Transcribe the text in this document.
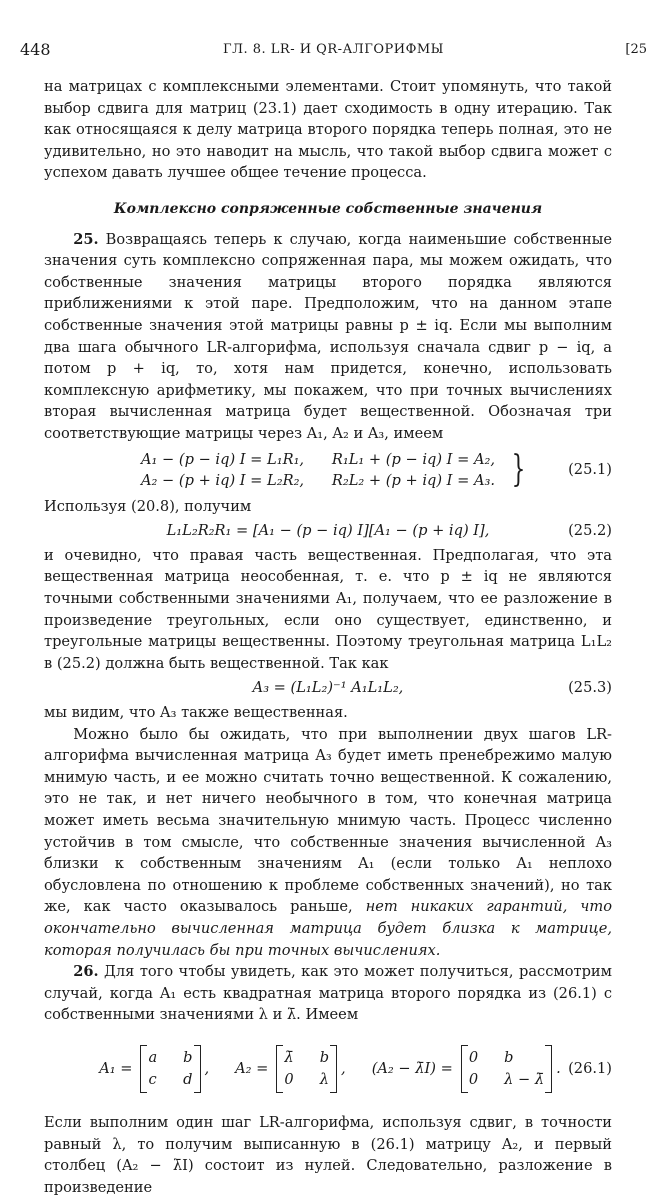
448	ГЛ. 8. LR- И QR-АЛГОРИФМЫ	[25

на матрицах с комплексными элементами. Стоит упомянуть, что такой выбор сдвига для матриц (23.1) дает сходимость в одну итерацию. Так как относящаяся к делу матрица второго порядка теперь полная, это не удивительно, но это наводит на мысль, что такой выбор сдвига может с успехом давать лучшее общее течение процесса.

Комплексно сопряженные собственные значения

25. Возвращаясь теперь к случаю, когда наименьшие собственные значения суть комплексно сопряженная пара, мы можем ожидать, что собственные значения матрицы второго порядка являются приближениями к этой паре. Предположим, что на данном этапе собственные значения этой матрицы равны p ± iq. Если мы выполним два шага обычного LR-алгорифма, используя сначала сдвиг p − iq, а потом p + iq, то, хотя нам придется, конечно, использовать комплексную арифметику, мы покажем, что при точных вычислениях вторая вычисленная матрица будет вещественной. Обозначая три соответствующие матрицы через A₁, A₂ и A₃, имеем

A₁ − (p − iq) I = L₁R₁,      R₁L₁ + (p − iq) I = A₂,
A₂ − (p + iq) I = L₂R₂,      R₂L₂ + (p + iq) I = A₃. }	(25.1)

Используя (20.8), получим

L₁L₂R₂R₁ = [A₁ − (p − iq) I][A₁ − (p + iq) I],	(25.2)

и очевидно, что правая часть вещественная. Предполагая, что эта вещественная матрица неособенная, т. е. что p ± iq не являются точными собственными значениями A₁, получаем, что ее разложение в произведение треугольных, если оно существует, единственно, и треугольные матрицы вещественны. Поэтому треугольная матрица L₁L₂ в (25.2) должна быть вещественной. Так как

A₃ = (L₁L₂)⁻¹ A₁L₁L₂,	(25.3)

мы видим, что A₃ также вещественная.

Можно было бы ожидать, что при выполнении двух шагов LR-алгорифма вычисленная матрица A₃ будет иметь пренебрежимо малую мнимую часть, и ее можно считать точно вещественной. К сожалению, это не так, и нет ничего необычного в том, что конечная матрица может иметь весьма значительную мнимую часть. Процесс численно устойчив в том смысле, что собственные значения вычисленной A₃ близки к собственным значениям A₁ (если только A₁ неплохо обусловлена по отношению к проблеме собственных значений), но так же, как часто оказывалось раньше, нет никаких гарантий, что окончательно вычисленная матрица будет близка к матрице, которая получилась бы при точных вычислениях.

26. Для того чтобы увидеть, как это может получиться, рассмотрим случай, когда A₁ есть квадратная матрица второго порядка из (26.1) с собственными значениями λ и λ̄. Имеем

A₁ =
a b
c d
, A₂ =
λ̄ b
0 λ
, (A₂ − λ̄I) =
0 b
0 λ − λ̄
. (26.1)

Если выполним один шаг LR-алгорифма, используя сдвиг, в точности равный λ, то получим выписанную в (26.1) матрицу A₂, и первый столбец (A₂ − λ̄I) состоит из нулей. Следовательно, разложение в произведение
